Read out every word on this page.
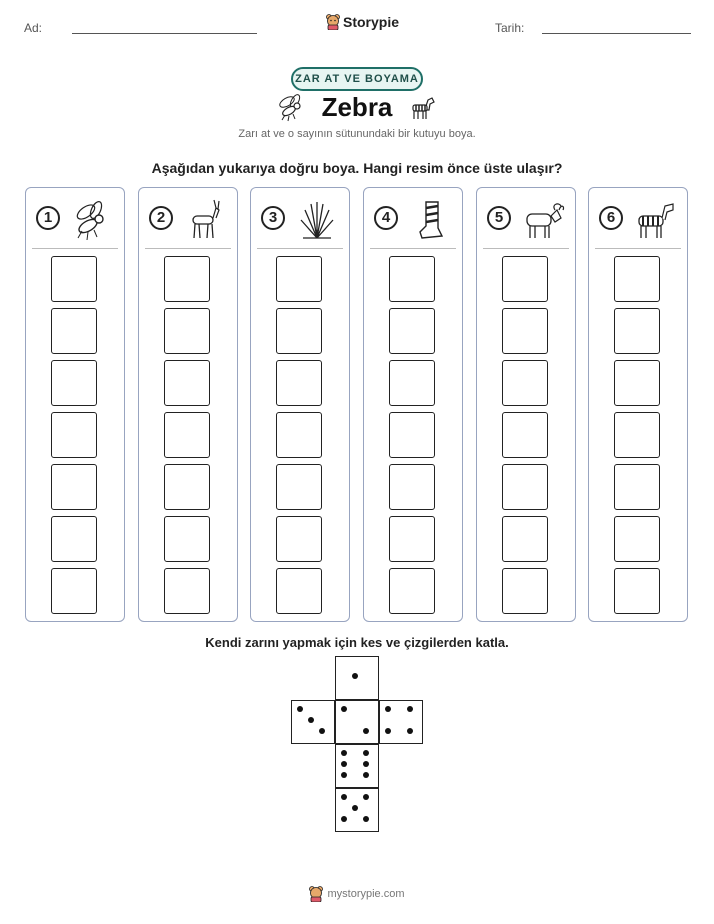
Ad:	Storypie	Tarih:
ZAR AT VE BOYAMA
Zebra
Zarı at ve o sayının sütunundaki bir kutuyu boya.
Aşağıdan yukarıya doğru boya. Hangi resim önce üste ulaşır?
1	2	3	4	5	6
Kendi zarını yapmak için kes ve çizgilerden katla.
mystorypie.com
